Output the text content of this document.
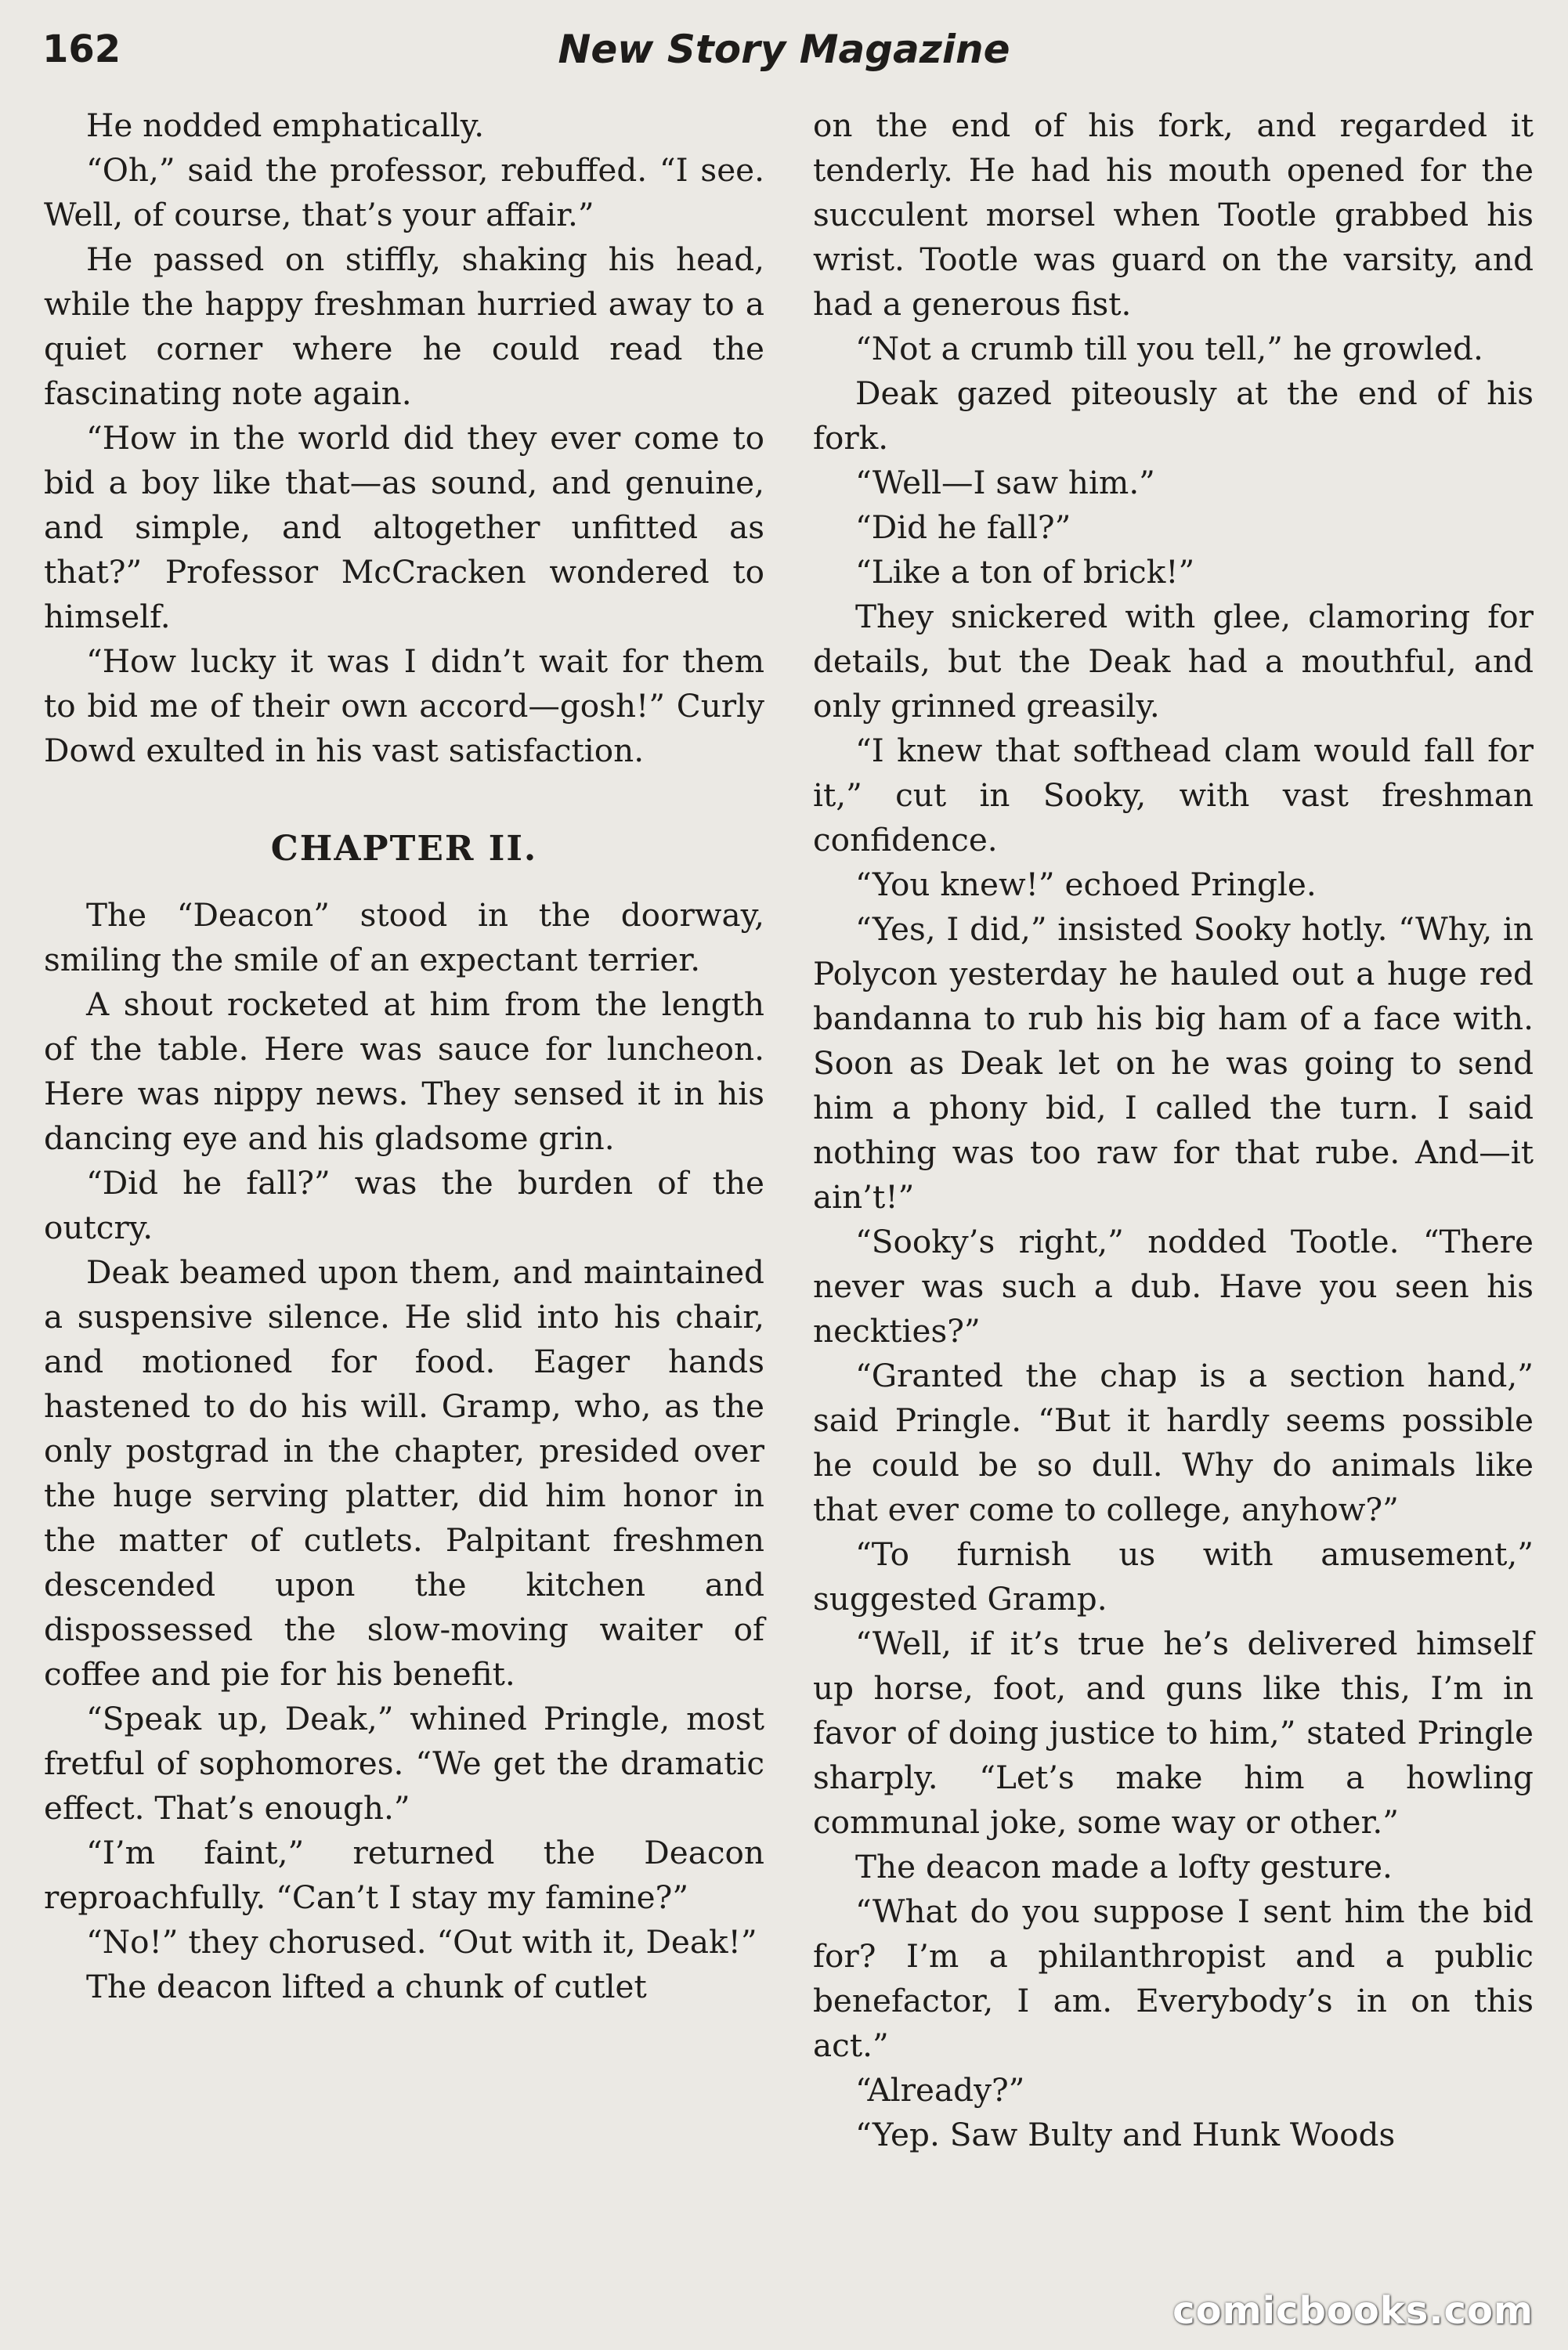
162	New Story Magazine

He nodded emphatically.

“Oh,” said the professor, rebuffed. “I see. Well, of course, that’s your affair.”

He passed on stiffly, shaking his head, while the happy freshman hurried away to a quiet corner where he could read the fascinating note again.

“How in the world did they ever come to bid a boy like that—as sound, and genuine, and simple, and altogether unfitted as that?” Professor McCracken wondered to himself.

“How lucky it was I didn’t wait for them to bid me of their own accord—gosh!” Curly Dowd exulted in his vast satisfaction.

CHAPTER II.

The “Deacon” stood in the doorway, smiling the smile of an expectant terrier.

A shout rocketed at him from the length of the table. Here was sauce for luncheon. Here was nippy news. They sensed it in his dancing eye and his gladsome grin.

“Did he fall?” was the burden of the outcry.

Deak beamed upon them, and maintained a suspensive silence. He slid into his chair, and motioned for food. Eager hands hastened to do his will. Gramp, who, as the only postgrad in the chapter, presided over the huge serving platter, did him honor in the matter of cutlets. Palpitant freshmen descended upon the kitchen and dispossessed the slow-moving waiter of coffee and pie for his benefit.

“Speak up, Deak,” whined Pringle, most fretful of sophomores. “We get the dramatic effect. That’s enough.”

“I’m faint,” returned the Deacon reproachfully. “Can’t I stay my famine?”

“No!” they chorused. “Out with it, Deak!”

The deacon lifted a chunk of cutlet

on the end of his fork, and regarded it tenderly. He had his mouth opened for the succulent morsel when Tootle grabbed his wrist. Tootle was guard on the varsity, and had a generous fist.

“Not a crumb till you tell,” he growled.

Deak gazed piteously at the end of his fork.

“Well—I saw him.”

“Did he fall?”

“Like a ton of brick!”

They snickered with glee, clamoring for details, but the Deak had a mouthful, and only grinned greasily.

“I knew that softhead clam would fall for it,” cut in Sooky, with vast freshman confidence.

“You knew!” echoed Pringle.

“Yes, I did,” insisted Sooky hotly. “Why, in Polycon yesterday he hauled out a huge red bandanna to rub his big ham of a face with. Soon as Deak let on he was going to send him a phony bid, I called the turn. I said nothing was too raw for that rube. And—it ain’t!”

“Sooky’s right,” nodded Tootle. “There never was such a dub. Have you seen his neckties?”

“Granted the chap is a section hand,” said Pringle. “But it hardly seems possible he could be so dull. Why do animals like that ever come to college, anyhow?”

“To furnish us with amusement,” suggested Gramp.

“Well, if it’s true he’s delivered himself up horse, foot, and guns like this, I’m in favor of doing justice to him,” stated Pringle sharply. “Let’s make him a howling communal joke, some way or other.”

The deacon made a lofty gesture.

“What do you suppose I sent him the bid for? I’m a philanthropist and a public benefactor, I am. Everybody’s in on this act.”

“Already?”

“Yep. Saw Bulty and Hunk Woods

comicbooks.com
